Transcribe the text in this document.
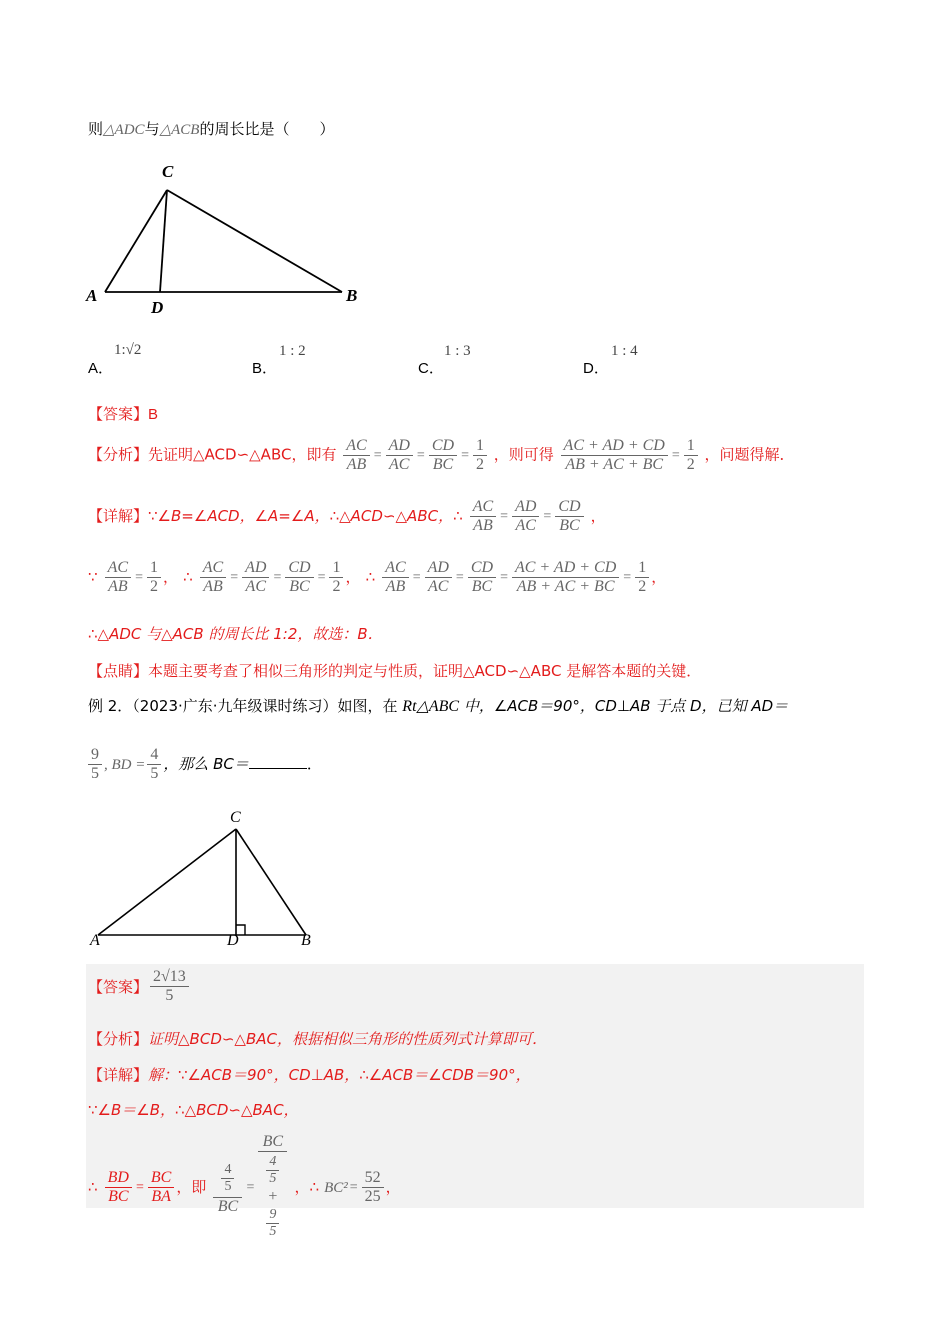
则△ADC与△ACB的周长比是（　　）
C
A
D
B
A．
1:√2
B．
1 : 2
C．
1 : 3
D．
1 : 4
【答案】B
【分析】先证明△ACD∽△ABC，即有 $\frac{AC}{AB} = \frac{AD}{AC} = \frac{CD}{BC} = \frac{1}{2}$ ，则可得 $\frac{AC + AD + CD}{AB + AC + BC} = \frac{1}{2}$ ，问题得解．
【详解】∵∠B=∠ACD，∠A=∠A，∴△ACD∽△ABC，∴ $\frac{AC}{AB} = \frac{AD}{AC} = \frac{CD}{BC}$ ，
∵ $\frac{AC}{AB} = \frac{1}{2}$ ， ∴ $\frac{AC}{AB} = \frac{AD}{AC} = \frac{CD}{BC} = \frac{1}{2}$ ， ∴ $\frac{AC}{AB} = \frac{AD}{AC} = \frac{CD}{BC} = \frac{AC + AD + CD}{AB + AC + BC} = \frac{1}{2}$ ，
∴△ADC 与△ACB 的周长比 1:2，故选：B．
【点睛】本题主要考查了相似三角形的判定与性质，证明△ACD∽△ABC 是解答本题的关键．
例 2．（2023·广东·九年级课时练习）如图，在 Rt△ABC 中，∠ACB＝90°，CD⊥AB 于点 D，已知 AD＝
$\frac{9}{5}$ , BD = $\frac{4}{5}$ ，那么 BC＝	．
C
A	D	B
【答案】 $\frac{2√13}{5}$
【分析】证明△BCD∽△BAC，根据相似三角形的性质列式计算即可．
【详解】解：∵∠ACB＝90°，CD⊥AB，∴∠ACB＝∠CDB＝90°，
∵∠B＝∠B，∴△BCD∽△BAC，
∴ $\frac{BD}{BC} = \frac{BC}{BA}$ ，即 4
5
BC = BC
4
5
+
9
5 ，∴ $BC^2 = \frac{52}{25}$ ，
